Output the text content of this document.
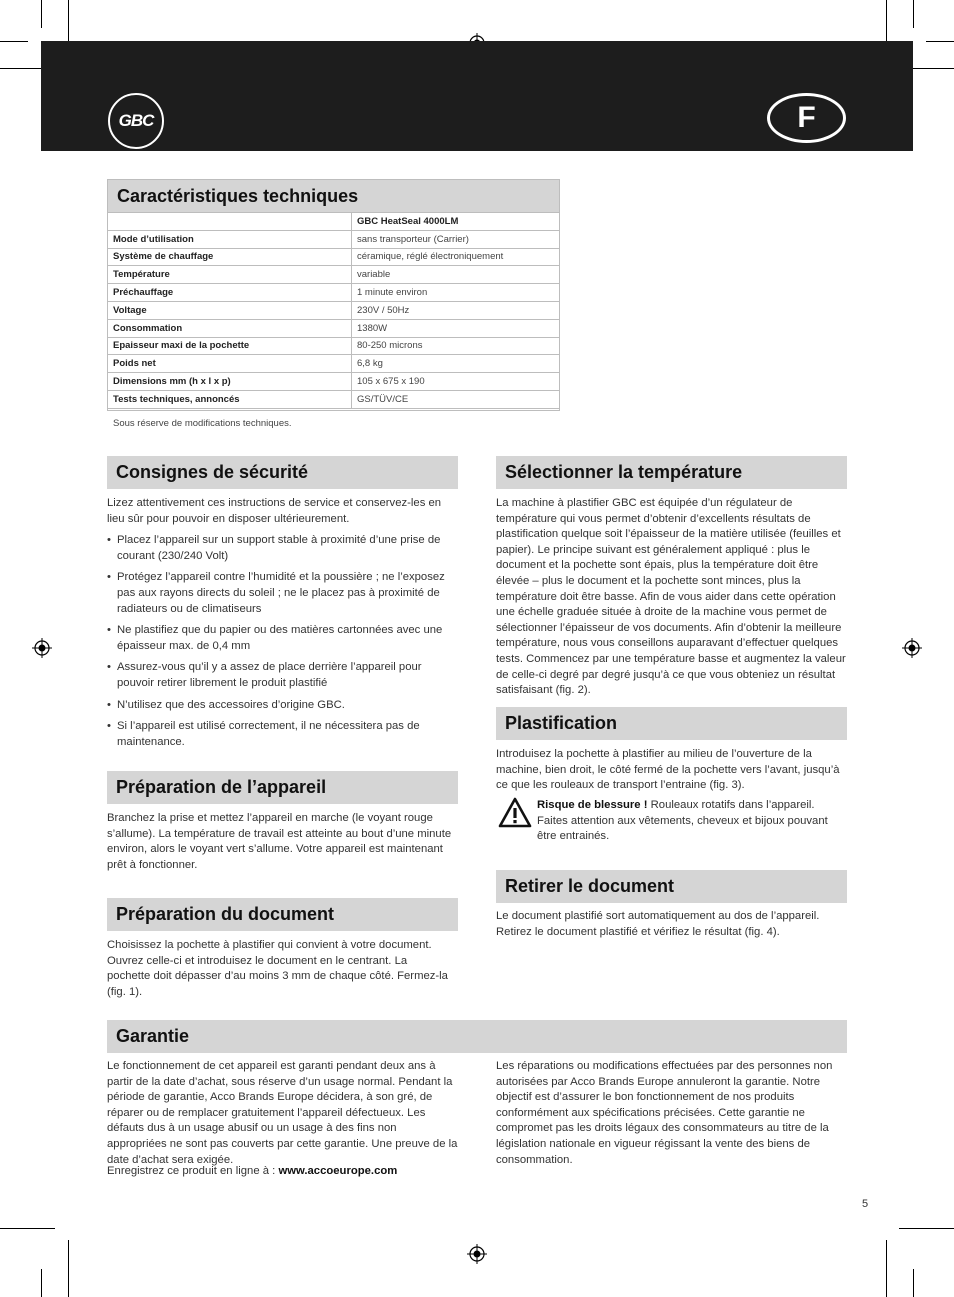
GBC	F
Caractéristiques techniques
	GBC HeatSeal 4000LM
Mode d’utilisation	sans transporteur (Carrier)
Système de chauffage	céramique, réglé électroniquement
Température	variable
Préchauffage	1 minute environ
Voltage	230V / 50Hz
Consommation	1380W
Epaisseur maxi de la pochette	80-250 microns
Poids net	6,8 kg
Dimensions mm (h x l x p)	105 x 675 x 190
Tests techniques, annoncés	GS/TÜV/CE
Sous réserve de modifications techniques.
Consignes de sécurité

Lizez attentivement ces instructions de service et conservez-les en lieu sûr pour pouvoir en disposer ultérieurement.

• Placez l’appareil sur un support stable à proximité d’une prise de courant (230/240 Volt)
• Protégez l’appareil contre l’humidité et la poussière ; ne l’exposez pas aux rayons directs du soleil ; ne le placez pas à proximité de radiateurs ou de climatiseurs
• Ne plastifiez que du papier ou des matières cartonnées avec une épaisseur max. de 0,4 mm
• Assurez-vous qu’il y a assez de place derrière l’appareil pour pouvoir retirer librement le produit plastifié
• N’utilisez que des accessoires d’origine GBC.
• Si l’appareil est utilisé correctement, il ne nécessitera pas de maintenance.
Préparation de l’appareil
Branchez la prise et mettez l’appareil en marche (le voyant rouge s’allume). La température de travail est atteinte au bout d’une minute environ, alors le voyant vert s’allume. Votre appareil est maintenant prêt à fonctionner.
Préparation du document
Choisissez la pochette à plastifier qui convient à votre document. Ouvrez celle-ci et introduisez le document en le centrant. La pochette doit dépasser d’au moins 3 mm de chaque côté. Fermez-la (fig. 1).
Sélectionner la température
La machine à plastifier GBC est équipée d’un régulateur de température qui vous permet d’obtenir d’excellents résultats de plastification quelque soit l’épaisseur de la matière utilisée (feuilles et papier). Le principe suivant est généralement appliqué : plus le document et la pochette sont épais, plus la température doit être élevée – plus le document et la pochette sont minces, plus la température doit être basse. Afin de vous aider dans cette opération une échelle graduée située à droite de la machine vous permet de sélectionner l’épaisseur de vos documents. Afin d’obtenir la meilleure température, nous vous conseillons auparavant d’effectuer quelques tests. Commencez par une température basse et augmentez la valeur de celle-ci degré par degré jusqu’à ce que vous obteniez un résultat satisfaisant (fig. 2).
Plastification
Introduisez la pochette à plastifier au milieu de l’ouverture de la machine, bien droit, le côté fermé de la pochette vers l’avant, jusqu’à ce que les rouleaux de transport l’entraine (fig. 3).
Risque de blessure ! Rouleaux rotatifs dans l’appareil. Faites attention aux vêtements, cheveux et bijoux pouvant être entrainés.
Retirer le document
Le document plastifié sort automatiquement au dos de l’appareil. Retirez le document plastifié et vérifiez le résultat (fig. 4).
Garantie
Le fonctionnement de cet appareil est garanti pendant deux ans à partir de la date d’achat, sous réserve d’un usage normal. Pendant la période de garantie, Acco Brands Europe décidera, à son gré, de réparer ou de remplacer gratuitement l’appareil défectueux. Les défauts dus à un usage abusif ou un usage à des fins non appropriées ne sont pas couverts par cette garantie. Une preuve de la date d’achat sera exigée.
Enregistrez ce produit en ligne à : www.accoeurope.com
Les réparations ou modifications effectuées par des personnes non autorisées par Acco Brands Europe annuleront la garantie. Notre objectif est d’assurer le bon fonctionnement de nos produits conformément aux spécifications précisées. Cette garantie ne compromet pas les droits légaux des consommateurs au titre de la législation nationale en vigueur régissant la vente des biens de consommation.
5
